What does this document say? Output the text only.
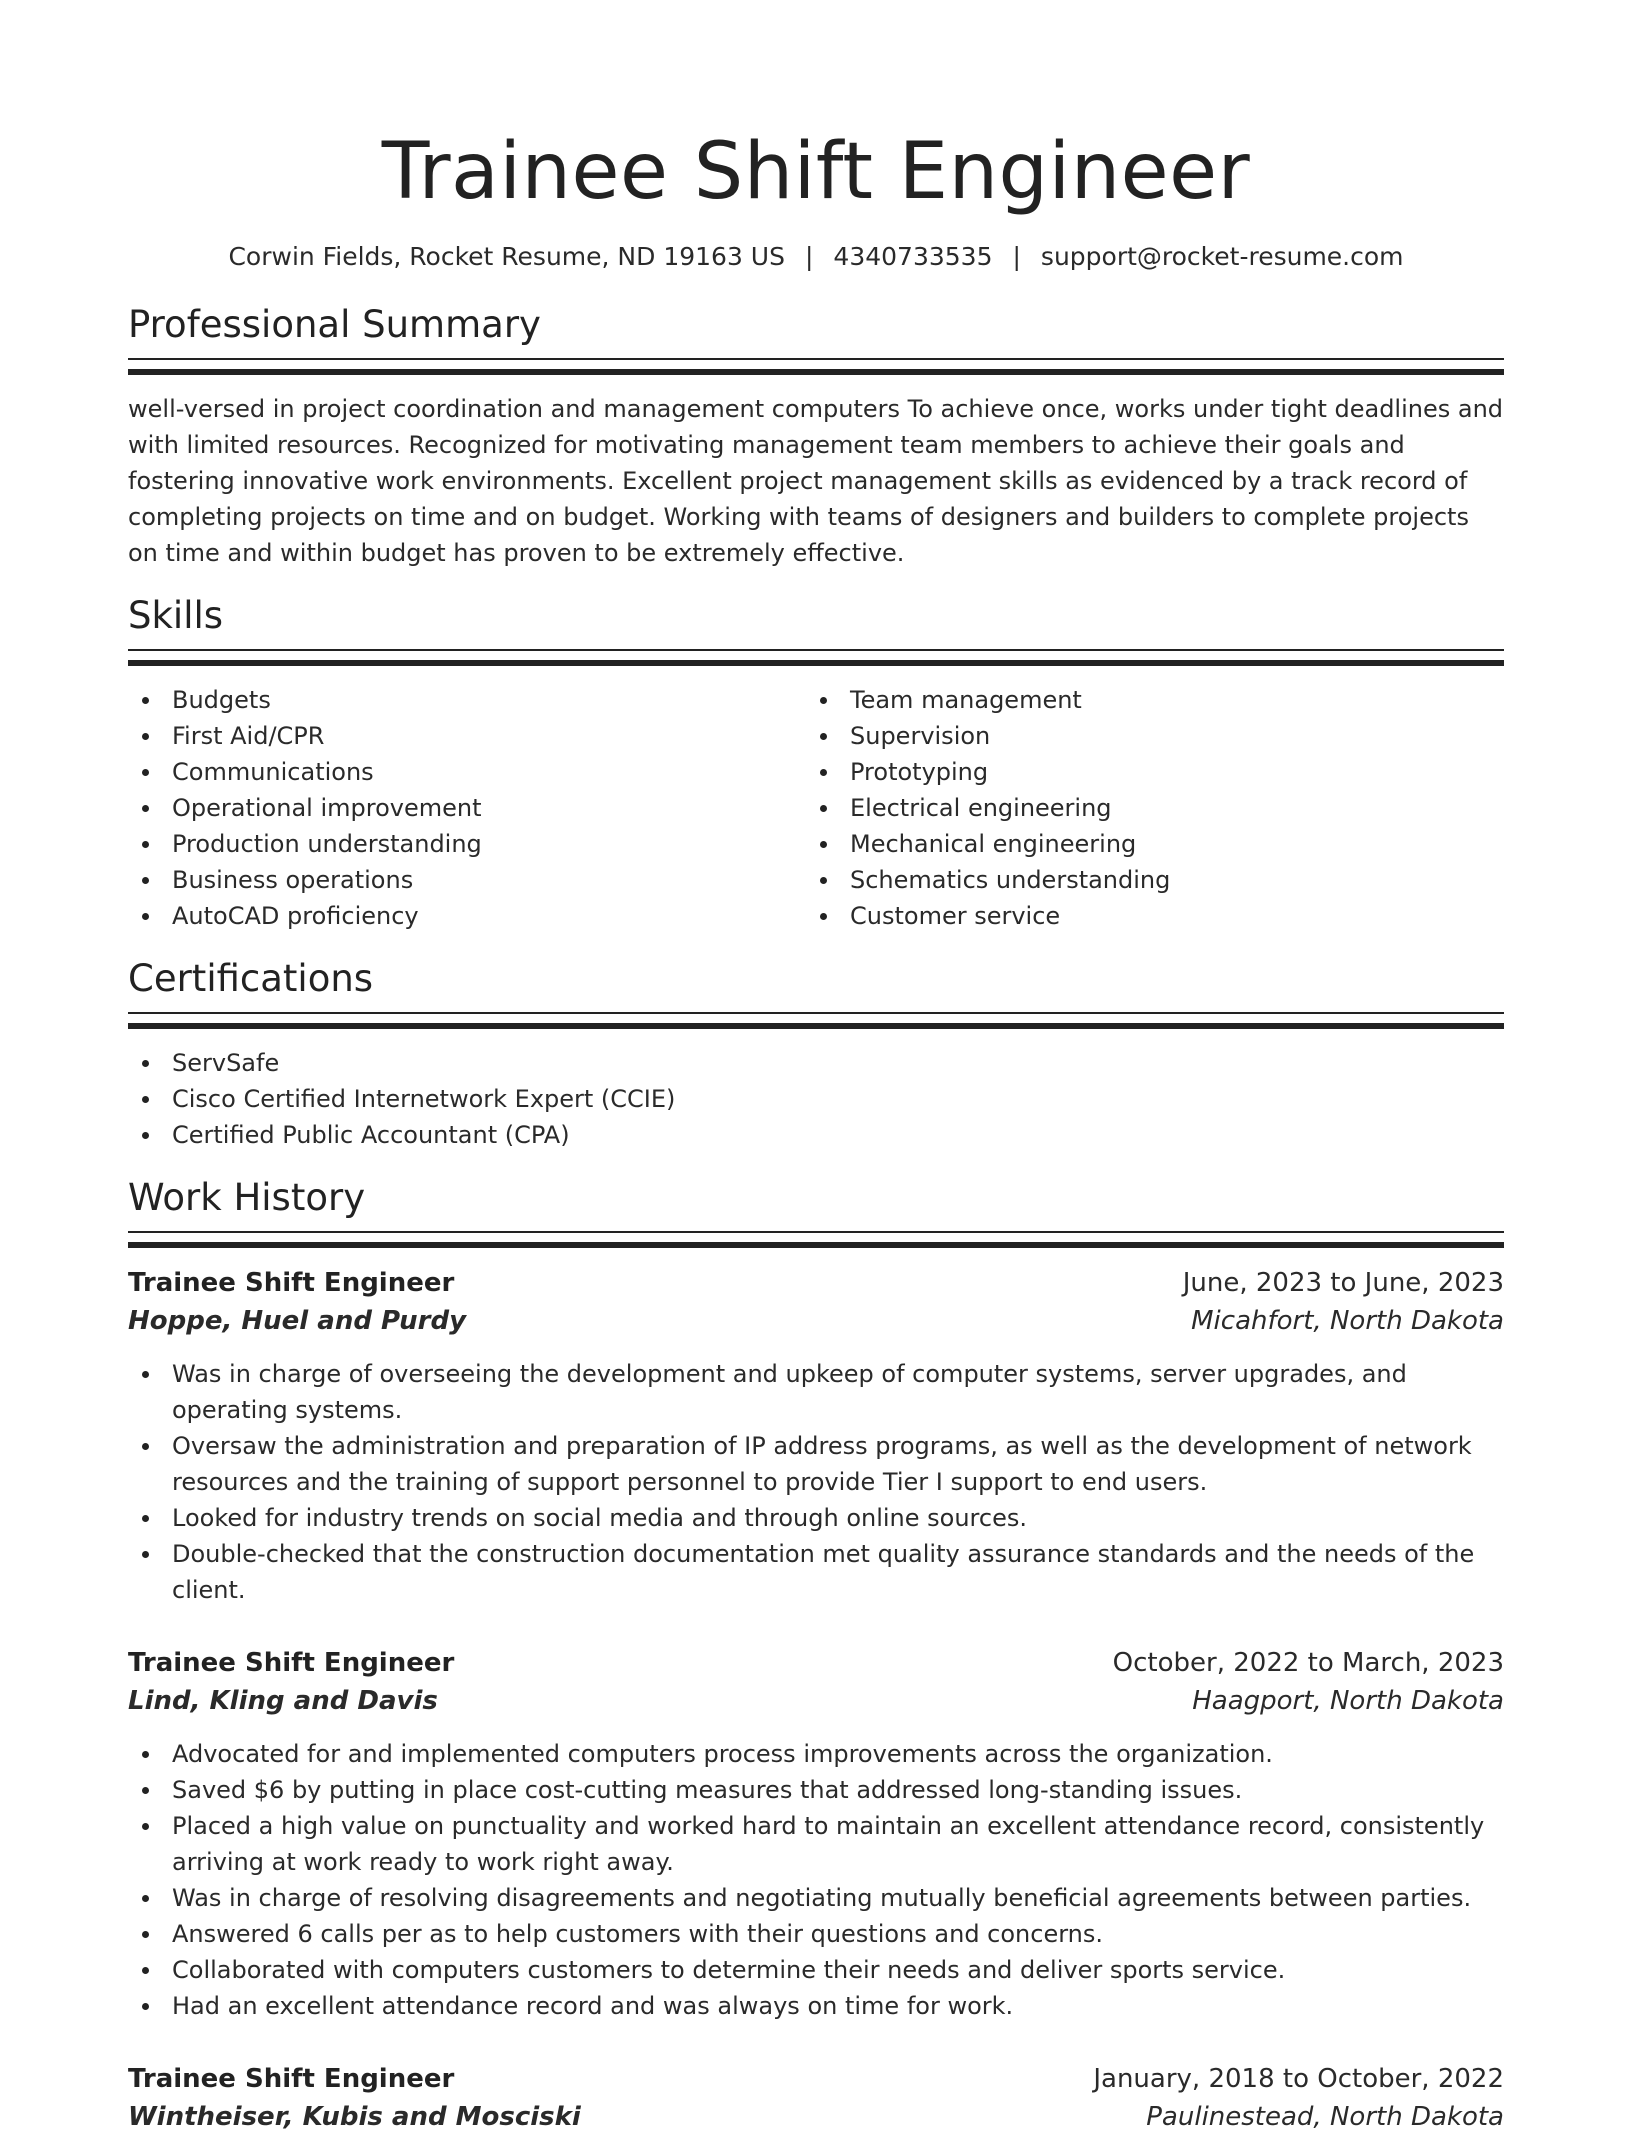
Trainee Shift Engineer
Corwin Fields, Rocket Resume, ND 19163 US | 4340733535 | support@rocket-resume.com
Professional Summary

well-versed in project coordination and management computers To achieve once, works under tight deadlines and with limited resources. Recognized for motivating management team members to achieve their goals and fostering innovative work environments. Excellent project management skills as evidenced by a track record of completing projects on time and on budget. Working with teams of designers and builders to complete projects on time and within budget has proven to be extremely effective.

Skills
Budgets
First Aid/CPR
Communications
Operational improvement
Production understanding
Business operations
AutoCAD proficiency
Team management
Supervision
Prototyping
Electrical engineering
Mechanical engineering
Schematics understanding
Customer service
Certifications
ServSafe
Cisco Certified Internetwork Expert (CCIE)
Certified Public Accountant (CPA)
Work History
Trainee Shift Engineer	June, 2023 to June, 2023
Hoppe, Huel and Purdy	Micahfort, North Dakota
Was in charge of overseeing the development and upkeep of computer systems, server upgrades, and operating systems.
Oversaw the administration and preparation of IP address programs, as well as the development of network resources and the training of support personnel to provide Tier I support to end users.
Looked for industry trends on social media and through online sources.
Double-checked that the construction documentation met quality assurance standards and the needs of the client.
Trainee Shift Engineer	October, 2022 to March, 2023
Lind, Kling and Davis	Haagport, North Dakota
Advocated for and implemented computers process improvements across the organization.
Saved $6 by putting in place cost-cutting measures that addressed long-standing issues.
Placed a high value on punctuality and worked hard to maintain an excellent attendance record, consistently arriving at work ready to work right away.
Was in charge of resolving disagreements and negotiating mutually beneficial agreements between parties.
Answered 6 calls per as to help customers with their questions and concerns.
Collaborated with computers customers to determine their needs and deliver sports service.
Had an excellent attendance record and was always on time for work.
Trainee Shift Engineer	January, 2018 to October, 2022
Wintheiser, Kubis and Mosciski	Paulinestead, North Dakota
